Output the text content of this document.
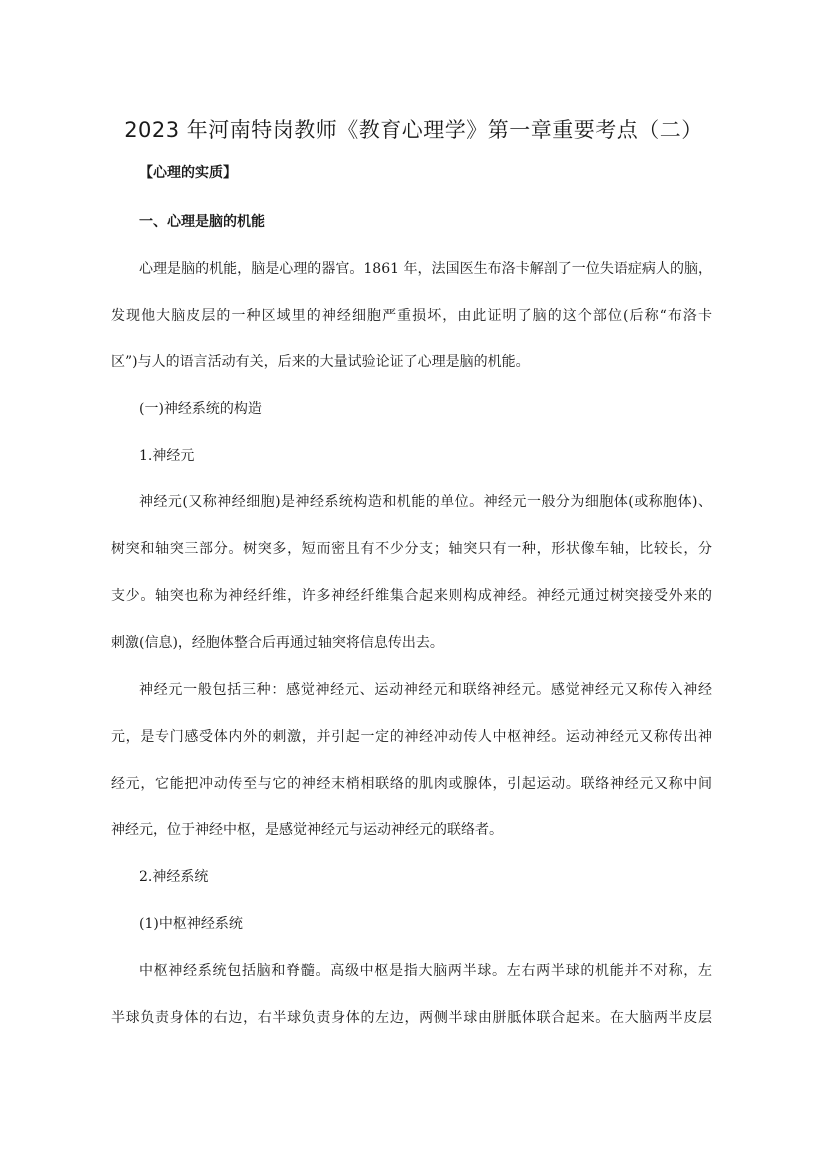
2023 年河南特岗教师《教育心理学》第一章重要考点（二）
【心理的实质】
一、心理是脑的机能
心理是脑的机能，脑是心理的器官。1861 年，法国医生布洛卡解剖了一位失语症病人的脑，
发现他大脑皮层的一种区域里的神经细胞严重损坏，由此证明了脑的这个部位(后称“布洛卡
区”)与人的语言活动有关，后来的大量试验论证了心理是脑的机能。
(一)神经系统的构造
1.神经元
神经元(又称神经细胞)是神经系统构造和机能的单位。神经元一般分为细胞体(或称胞体)、
树突和轴突三部分。树突多，短而密且有不少分支；轴突只有一种，形状像车轴，比较长，分
支少。轴突也称为神经纤维，许多神经纤维集合起来则构成神经。神经元通过树突接受外来的
刺激(信息)，经胞体整合后再通过轴突将信息传出去。
神经元一般包括三种：感觉神经元、运动神经元和联络神经元。感觉神经元又称传入神经
元，是专门感受体内外的刺激，并引起一定的神经冲动传人中枢神经。运动神经元又称传出神
经元，它能把冲动传至与它的神经末梢相联络的肌肉或腺体，引起运动。联络神经元又称中间
神经元，位于神经中枢，是感觉神经元与运动神经元的联络者。
2.神经系统
(1)中枢神经系统
中枢神经系统包括脑和脊髓。高级中枢是指大脑两半球。左右两半球的机能并不对称，左
半球负责身体的右边，右半球负责身体的左边，两侧半球由胼胝体联合起来。在大脑两半皮层
